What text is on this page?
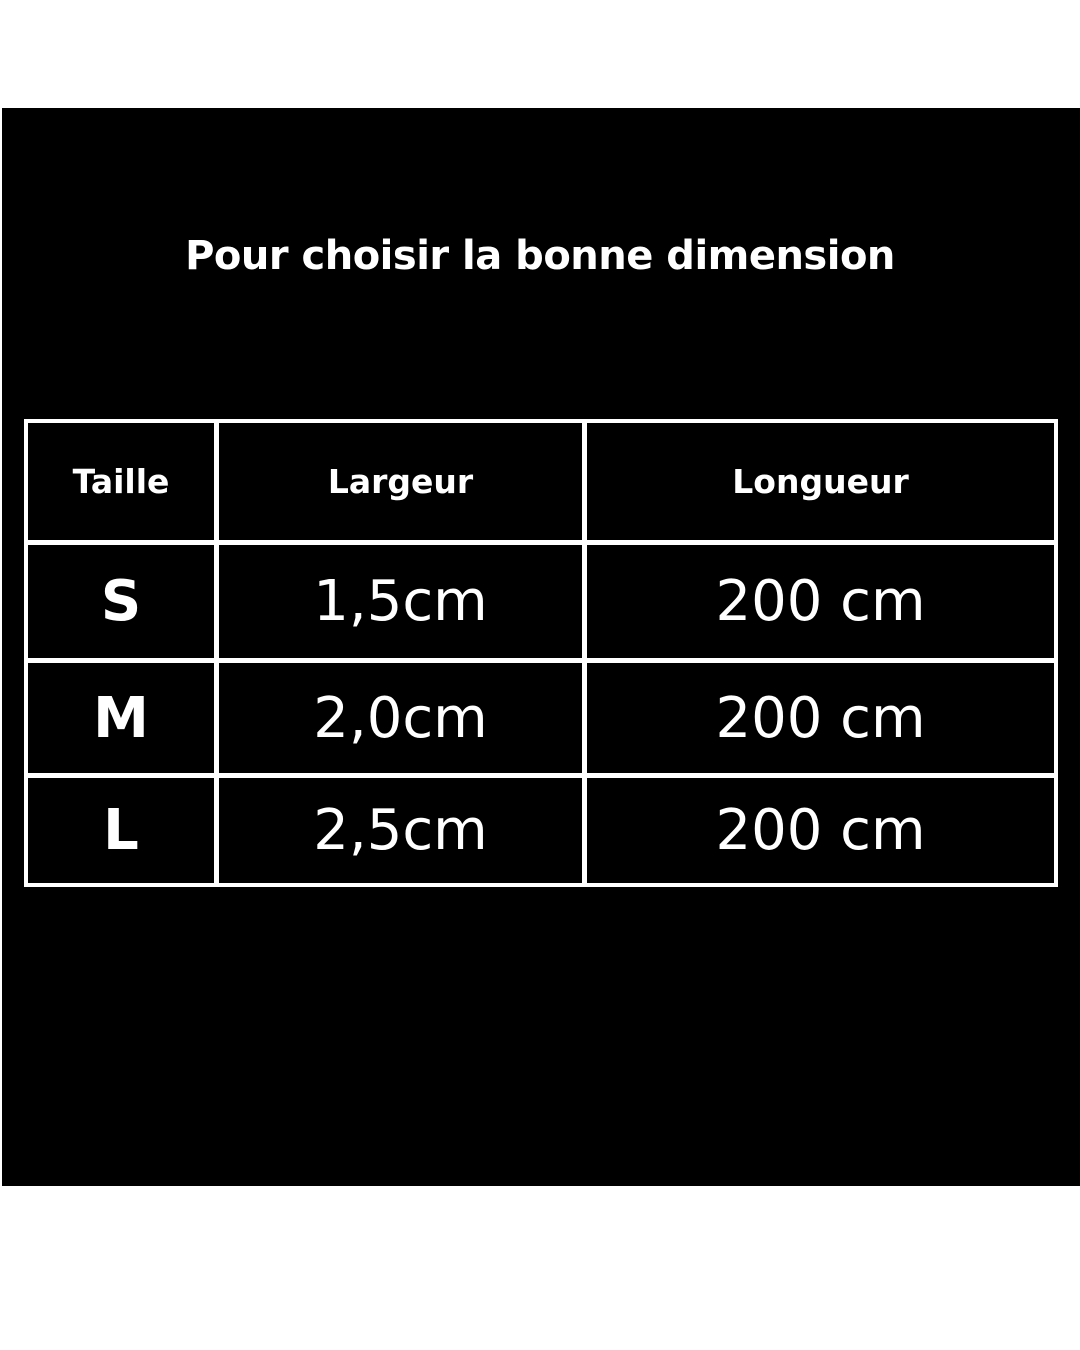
Pour choisir la bonne dimension
Taille	Largeur	Longueur
S	1,5cm	200 cm
M	2,0cm	200 cm
L	2,5cm	200 cm
